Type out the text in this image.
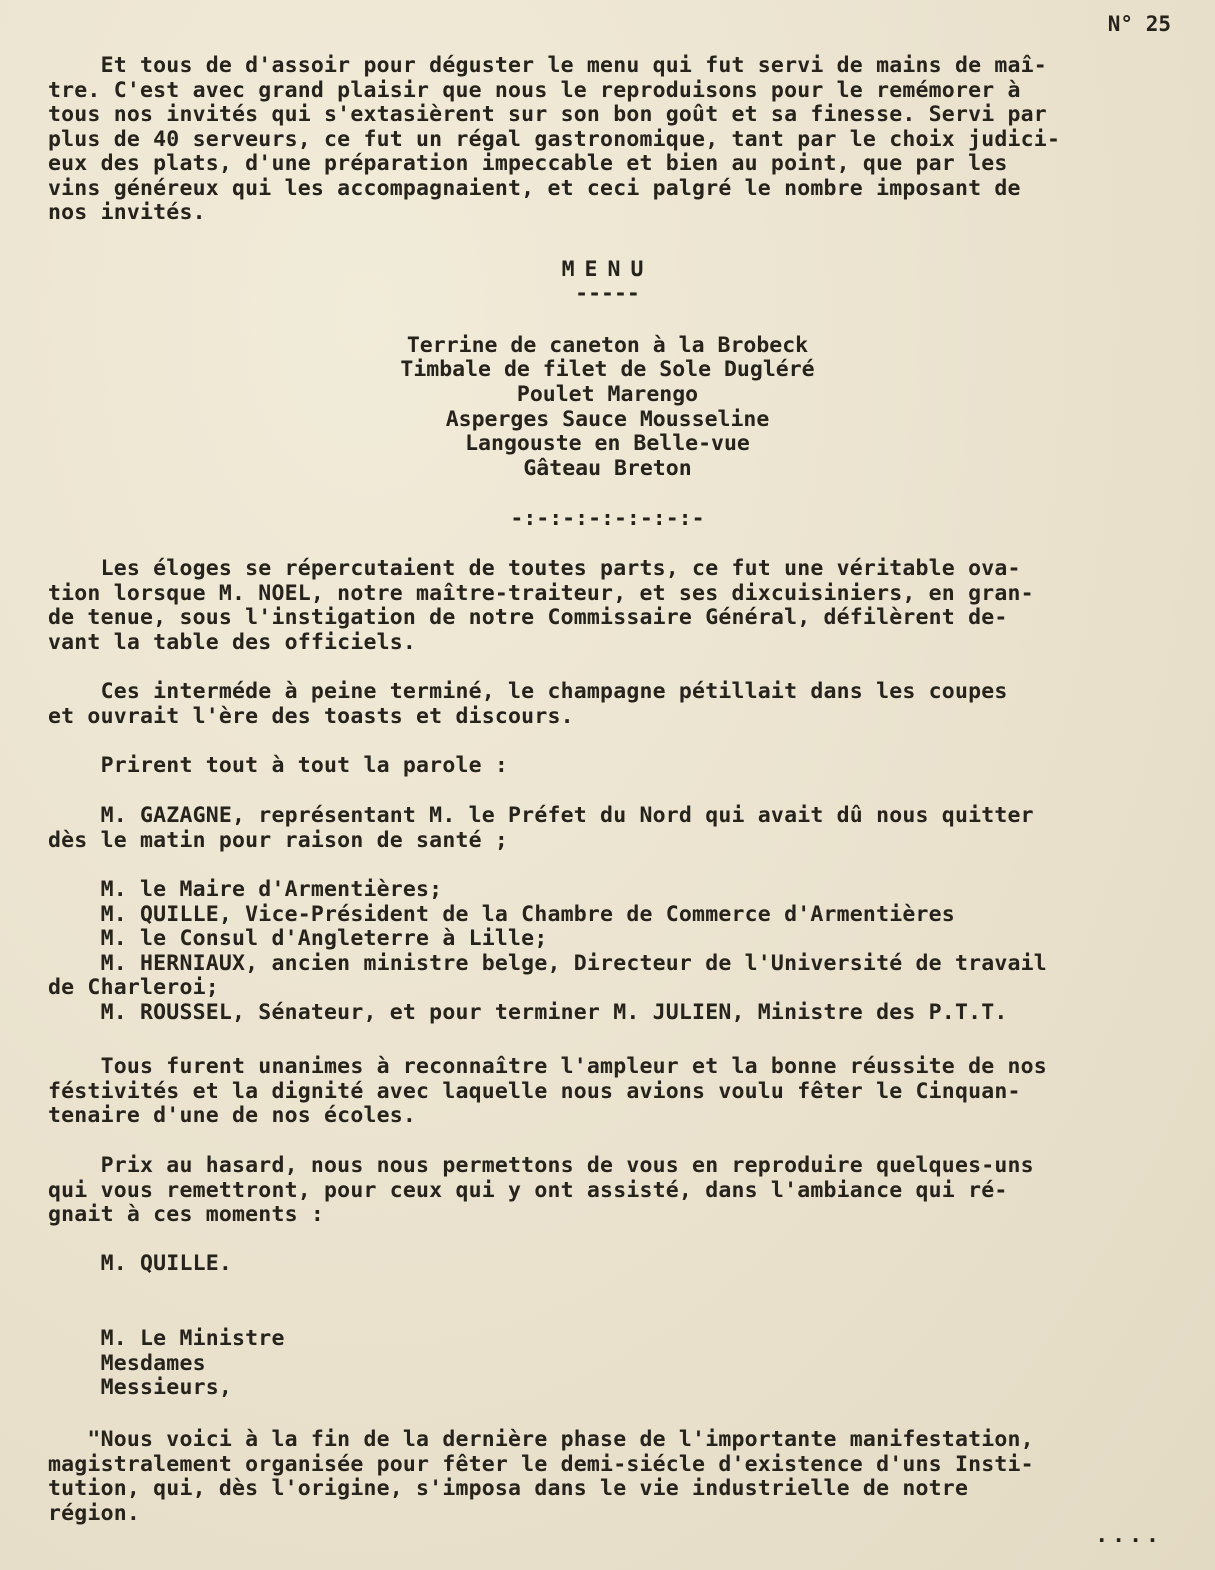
N° 25

Et tous de d'assoir pour déguster le menu qui fut servi de mains de maî-
tre. C'est avec grand plaisir que nous le reproduisons pour le remémorer à
tous nos invités qui s'extasièrent sur son bon goût et sa finesse. Servi par
plus de 40 serveurs, ce fut un régal gastronomique, tant par le choix judici-
eux des plats, d'une préparation impeccable et bien au point, que par les
vins généreux qui les accompagnaient, et ceci palgré le nombre imposant de
nos invités.

MENU

-----

Terrine de caneton à la Brobeck

Timbale de filet de Sole Dugléré

Poulet Marengo

Asperges Sauce Mousseline

Langouste en Belle-vue

Gâteau Breton

-:-:-:-:-:-:-:-

Les éloges se répercutaient de toutes parts, ce fut une véritable ova-
tion lorsque M. NOEL, notre maître-traiteur, et ses dixcuisiniers, en gran-
de tenue, sous l'instigation de notre Commissaire Général, défilèrent de-
vant la table des officiels.

Ces interméde à peine terminé, le champagne pétillait dans les coupes
et ouvrait l'ère des toasts et discours.

Prirent tout à tout la parole :

M. GAZAGNE, représentant M. le Préfet du Nord qui avait dû nous quitter
dès le matin pour raison de santé ;

M. le Maire d'Armentières;
M. QUILLE, Vice-Président de la Chambre de Commerce d'Armentières
M. le Consul d'Angleterre à Lille;
M. HERNIAUX, ancien ministre belge, Directeur de l'Université de travail
de Charleroi;
M. ROUSSEL, Sénateur, et pour terminer M. JULIEN, Ministre des P.T.T.

Tous furent unanimes à reconnaître l'ampleur et la bonne réussite de nos
féstivités et la dignité avec laquelle nous avions voulu fêter le Cinquan-
tenaire d'une de nos écoles.

Prix au hasard, nous nous permettons de vous en reproduire quelques-uns
qui vous remettront, pour ceux qui y ont assisté, dans l'ambiance qui ré-
gnait à ces moments :

M. QUILLE.

M. Le Ministre
Mesdames
Messieurs,

"Nous voici à la fin de la dernière phase de l'importante manifestation,
magistralement organisée pour fêter le demi-siécle d'existence d'uns Insti-
tution, qui, dès l'origine, s'imposa dans le vie industrielle de notre
région.

....
